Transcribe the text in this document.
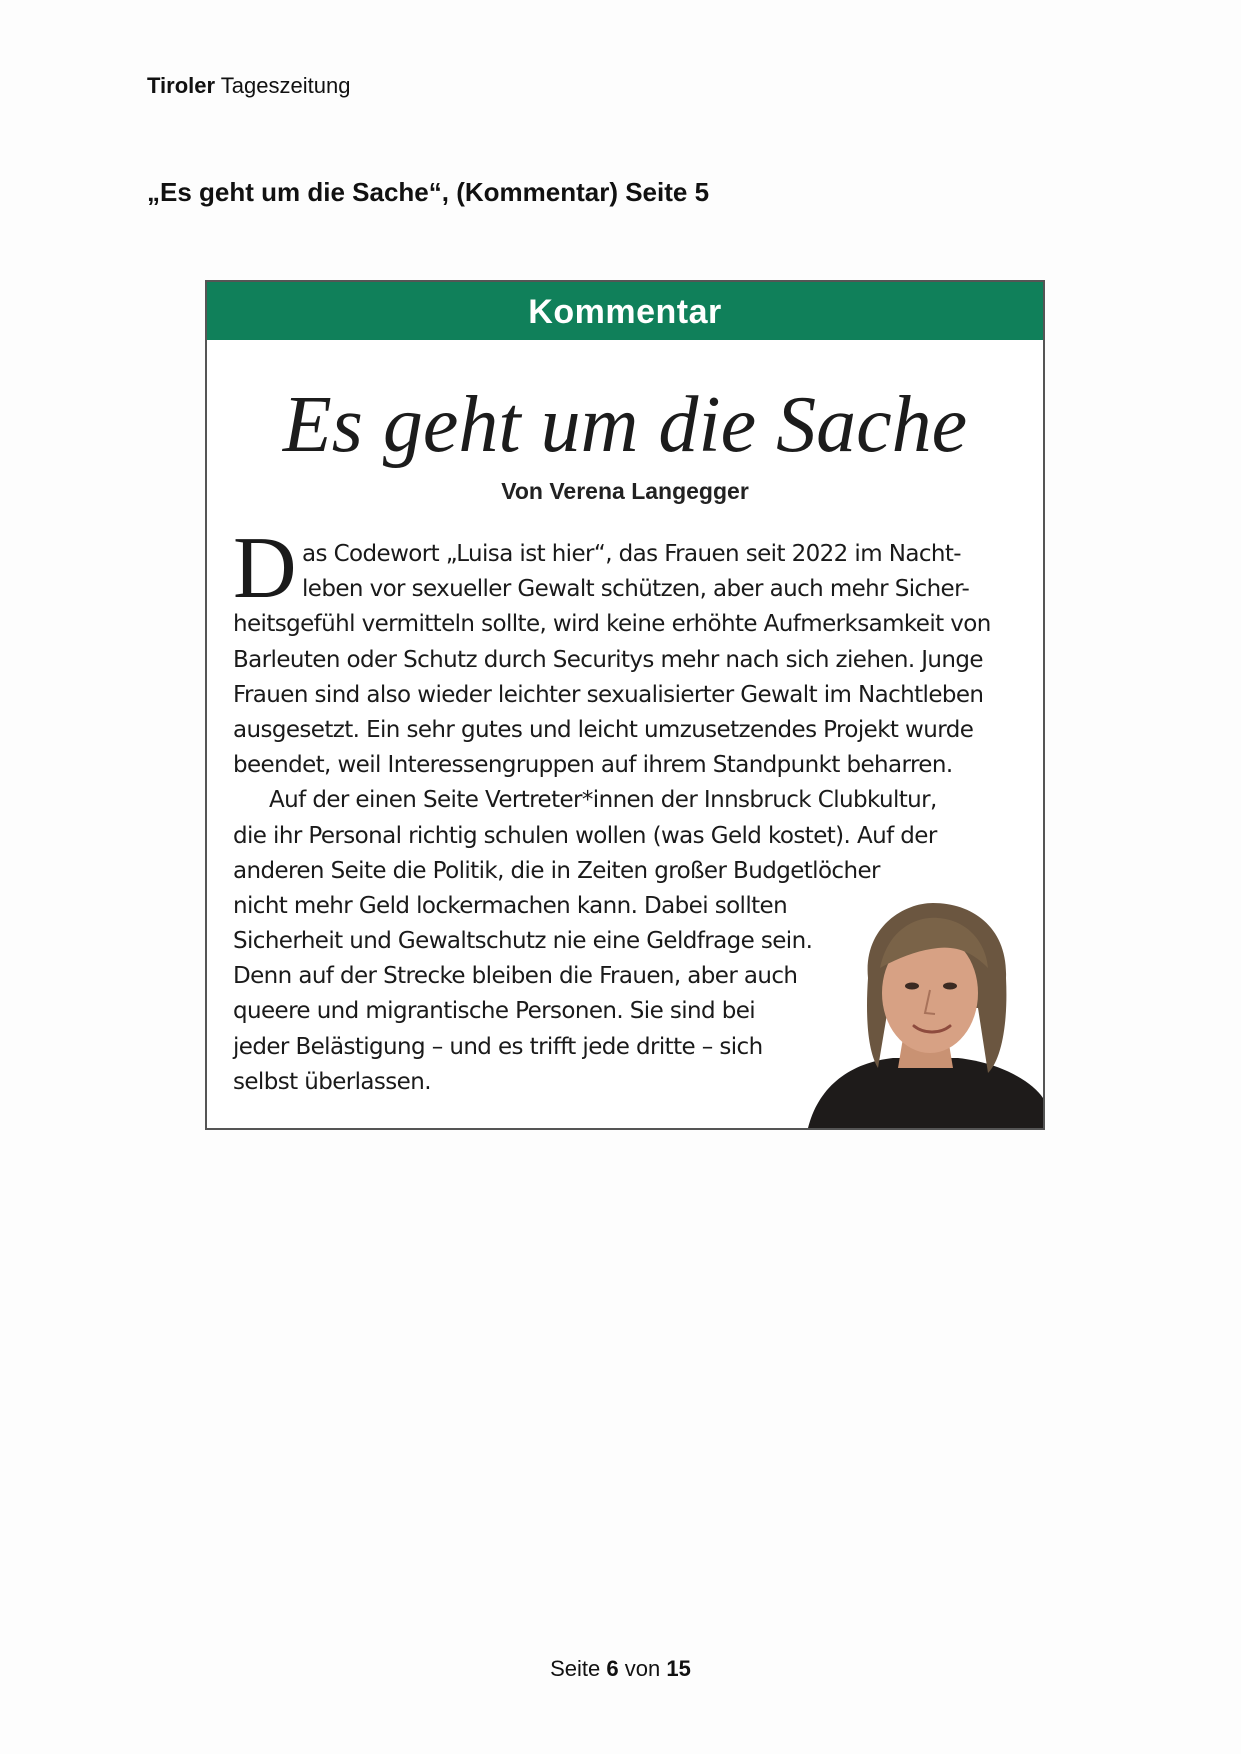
Tiroler Tageszeitung
„Es geht um die Sache“, (Kommentar) Seite 5
Kommentar
Es geht um die Sache
Von Verena Langegger
D as Codewort „Luisa ist hier“, das Frauen seit 2022 im Nacht-
leben vor sexueller Gewalt schützen, aber auch mehr Sicher-
heitsgefühl vermitteln sollte, wird keine erhöhte Aufmerksamkeit von
Barleuten oder Schutz durch Securitys mehr nach sich ziehen. Junge
Frauen sind also wieder leichter sexualisierter Gewalt im Nachtleben
ausgesetzt. Ein sehr gutes und leicht umzusetzendes Projekt wurde
beendet, weil Interessengruppen auf ihrem Standpunkt beharren.
Auf der einen Seite Vertreter*innen der Innsbruck Clubkultur,
die ihr Personal richtig schulen wollen (was Geld kostet). Auf der
anderen Seite die Politik, die in Zeiten großer Budgetlöcher
nicht mehr Geld lockermachen kann. Dabei sollten
Sicherheit und Gewaltschutz nie eine Geldfrage sein.
Denn auf der Strecke bleiben die Frauen, aber auch
queere und migrantische Personen. Sie sind bei
jeder Belästigung – und es trifft jede dritte – sich
selbst überlassen.
Seite 6 von 15
